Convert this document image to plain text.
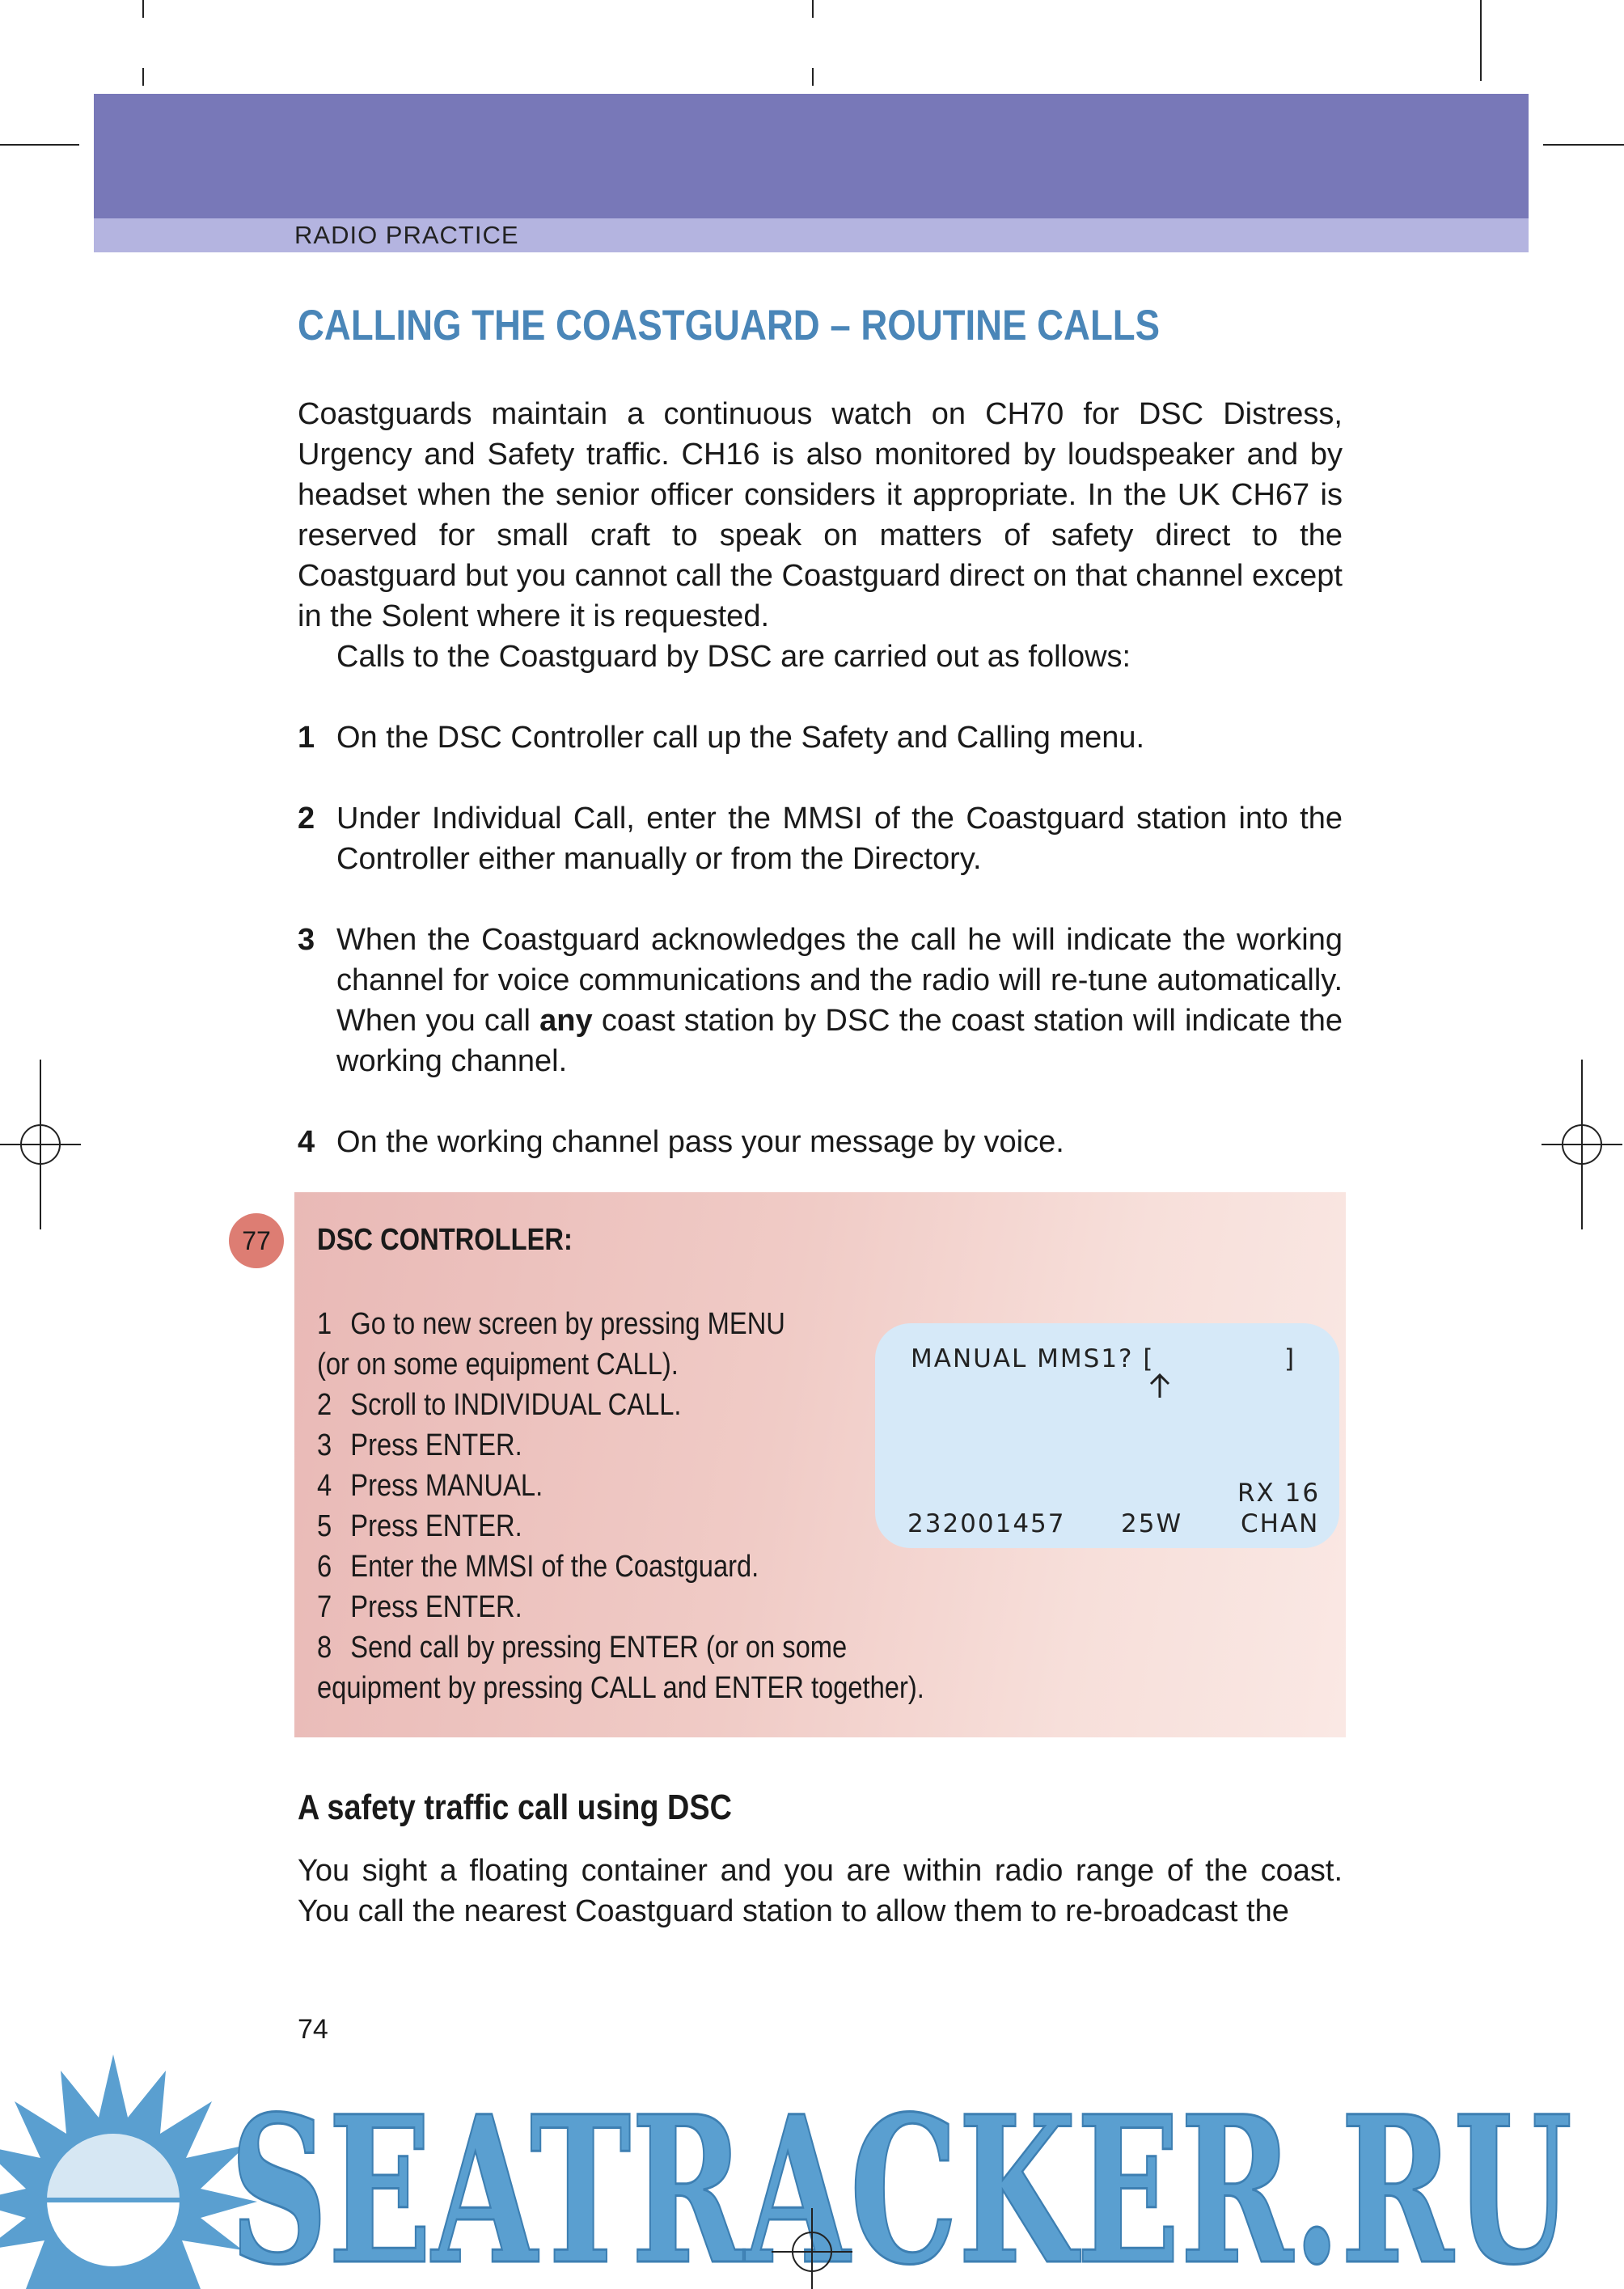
RADIO PRACTICE
CALLING THE COASTGUARD – ROUTINE CALLS
Coastguards maintain a continuous watch on CH70 for DSC Distress, Urgency and Safety traffic. CH16 is also monitored by loudspeaker and by headset when the senior officer considers it appropriate. In the UK CH67 is reserved for small craft to speak on matters of safety direct to the Coastguard but you cannot call the Coastguard direct on that channel except in the Solent where it is requested.
Calls to the Coastguard by DSC are carried out as follows:
1 On the DSC Controller call up the Safety and Calling menu.
2 Under Individual Call, enter the MMSI of the Coastguard station into the Controller either manually or from the Directory.
3 When the Coastguard acknowledges the call he will indicate the working channel for voice communications and the radio will re-tune automatically. When you call any coast station by DSC the coast station will indicate the working channel.
4 On the working channel pass your message by voice.
77	DSC CONTROLLER:
1 Go to new screen by pressing MENU
(or on some equipment CALL).
2 Scroll to INDIVIDUAL CALL.
3 Press ENTER.
4 Press MANUAL.
5 Press ENTER.
6 Enter the MMSI of the Coastguard.
7 Press ENTER.
8 Send call by pressing ENTER (or on some
equipment by pressing CALL and ENTER together).
MANUAL MMS1? [	]
RX 16
232001457 25W CHAN
A safety traffic call using DSC
You sight a floating container and you are within radio range of the coast. You call the nearest Coastguard station to allow them to re-broadcast the
74
SEATRACKER.RU
